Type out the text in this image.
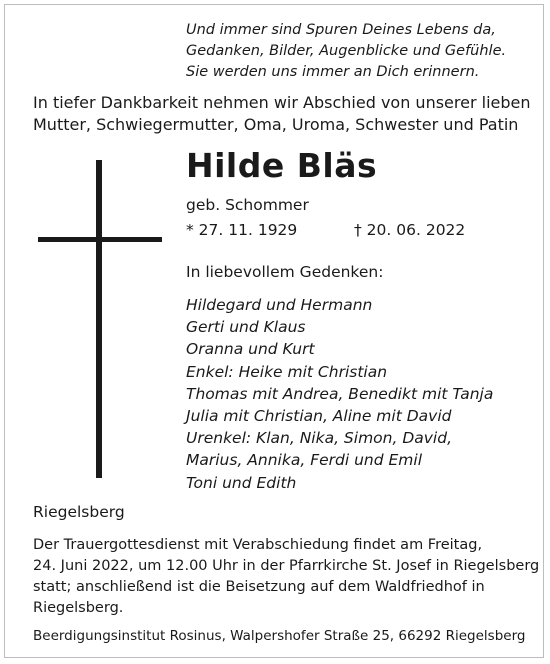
Und immer sind Spuren Deines Lebens da,
Gedanken, Bilder, Augenblicke und Gefühle.
Sie werden uns immer an Dich erinnern.
In tiefer Dankbarkeit nehmen wir Abschied von unserer lieben
Mutter, Schwiegermutter, Oma, Uroma, Schwester und Patin
Hilde Bläs
geb. Schommer
* 27. 11. 1929	† 20. 06. 2022
In liebevollem Gedenken:
Hildegard und Hermann
Gerti und Klaus
Oranna und Kurt
Enkel: Heike mit Christian
Thomas mit Andrea, Benedikt mit Tanja
Julia mit Christian, Aline mit David
Urenkel: Klan, Nika, Simon, David,
Marius, Annika, Ferdi und Emil
Toni und Edith
Riegelsberg
Der Trauergottesdienst mit Verabschiedung findet am Freitag,
24. Juni 2022, um 12.00 Uhr in der Pfarrkirche St. Josef in Riegelsberg
statt; anschließend ist die Beisetzung auf dem Waldfriedhof in
Riegelsberg.
Beerdigungsinstitut Rosinus, Walpershofer Straße 25, 66292 Riegelsberg
